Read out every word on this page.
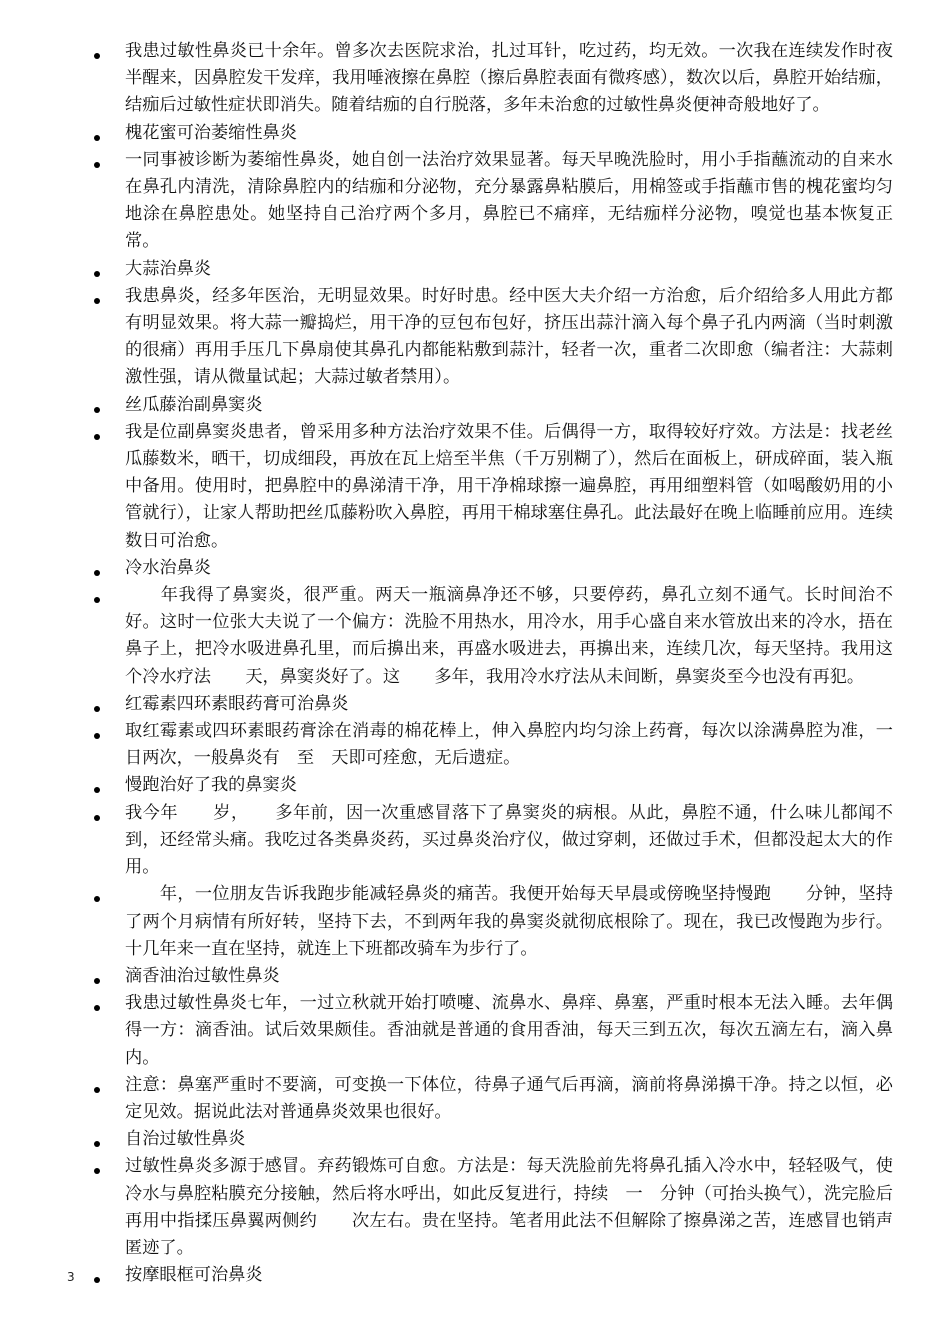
我患过敏性鼻炎已十余年。曾多次去医院求治，扎过耳针，吃过药，均无效。一次我在连续发作时夜半醒来，因鼻腔发干发痒，我用唾液擦在鼻腔（擦后鼻腔表面有微疼感），数次以后，鼻腔开始结痂，结痂后过敏性症状即消失。随着结痂的自行脱落，多年未治愈的过敏性鼻炎便神奇般地好了。
槐花蜜可治萎缩性鼻炎
一同事被诊断为萎缩性鼻炎，她自创一法治疗效果显著。每天早晚洗脸时，用小手指蘸流动的自来水在鼻孔内清洗，清除鼻腔内的结痂和分泌物，充分暴露鼻粘膜后，用棉签或手指蘸市售的槐花蜜均匀地涂在鼻腔患处。她坚持自己治疗两个多月，鼻腔已不痛痒，无结痂样分泌物，嗅觉也基本恢复正常。
大蒜治鼻炎
我患鼻炎，经多年医治，无明显效果。时好时患。经中医大夫介绍一方治愈，后介绍给多人用此方都有明显效果。将大蒜一瓣捣烂，用干净的豆包布包好，挤压出蒜汁滴入每个鼻子孔内两滴（当时刺激的很痛）再用手压几下鼻扇使其鼻孔内都能粘敷到蒜汁，轻者一次，重者二次即愈（编者注：大蒜刺激性强，请从微量试起；大蒜过敏者禁用）。
丝瓜藤治副鼻窦炎
我是位副鼻窦炎患者，曾采用多种方法治疗效果不佳。后偶得一方，取得较好疗效。方法是：找老丝瓜藤数米，晒干，切成细段，再放在瓦上焙至半焦（千万别糊了），然后在面板上，研成碎面，装入瓶中备用。使用时，把鼻腔中的鼻涕清干净，用干净棉球擦一遍鼻腔，再用细塑料管（如喝酸奶用的小管就行），让家人帮助把丝瓜藤粉吹入鼻腔，再用干棉球塞住鼻孔。此法最好在晚上临睡前应用。连续数日可治愈。
冷水治鼻炎
　　年我得了鼻窦炎，很严重。两天一瓶滴鼻净还不够，只要停药，鼻孔立刻不通气。长时间治不好。这时一位张大夫说了一个偏方：洗脸不用热水，用冷水，用手心盛自来水管放出来的冷水，捂在鼻子上，把冷水吸进鼻孔里，而后擤出来，再盛水吸进去，再擤出来，连续几次，每天坚持。我用这个冷水疗法　　天，鼻窦炎好了。这　　多年，我用冷水疗法从未间断，鼻窦炎至今也没有再犯。
红霉素四环素眼药膏可治鼻炎
取红霉素或四环素眼药膏涂在消毒的棉花棒上，伸入鼻腔内均匀涂上药膏，每次以涂满鼻腔为准，一日两次，一般鼻炎有　至　天即可痊愈，无后遗症。
慢跑治好了我的鼻窦炎
我今年　　岁，　　多年前，因一次重感冒落下了鼻窦炎的病根。从此，鼻腔不通，什么味儿都闻不到，还经常头痛。我吃过各类鼻炎药，买过鼻炎治疗仪，做过穿刺，还做过手术，但都没起太大的作用。
　　年，一位朋友告诉我跑步能减轻鼻炎的痛苦。我便开始每天早晨或傍晚坚持慢跑　　分钟，坚持了两个月病情有所好转，坚持下去，不到两年我的鼻窦炎就彻底根除了。现在，我已改慢跑为步行。十几年来一直在坚持，就连上下班都改骑车为步行了。
滴香油治过敏性鼻炎
我患过敏性鼻炎七年，一过立秋就开始打喷嚏、流鼻水、鼻痒、鼻塞，严重时根本无法入睡。去年偶得一方：滴香油。试后效果颇佳。香油就是普通的食用香油，每天三到五次，每次五滴左右，滴入鼻内。
注意：鼻塞严重时不要滴，可变换一下体位，待鼻子通气后再滴，滴前将鼻涕擤干净。持之以恒，必定见效。据说此法对普通鼻炎效果也很好。
自治过敏性鼻炎
过敏性鼻炎多源于感冒。弃药锻炼可自愈。方法是：每天洗脸前先将鼻孔插入冷水中，轻轻吸气，使冷水与鼻腔粘膜充分接触，然后将水呼出，如此反复进行，持续　一　分钟（可抬头换气），洗完脸后再用中指揉压鼻翼两侧约　　次左右。贵在坚持。笔者用此法不但解除了擦鼻涕之苦，连感冒也销声匿迹了。
按摩眼框可治鼻炎
3
